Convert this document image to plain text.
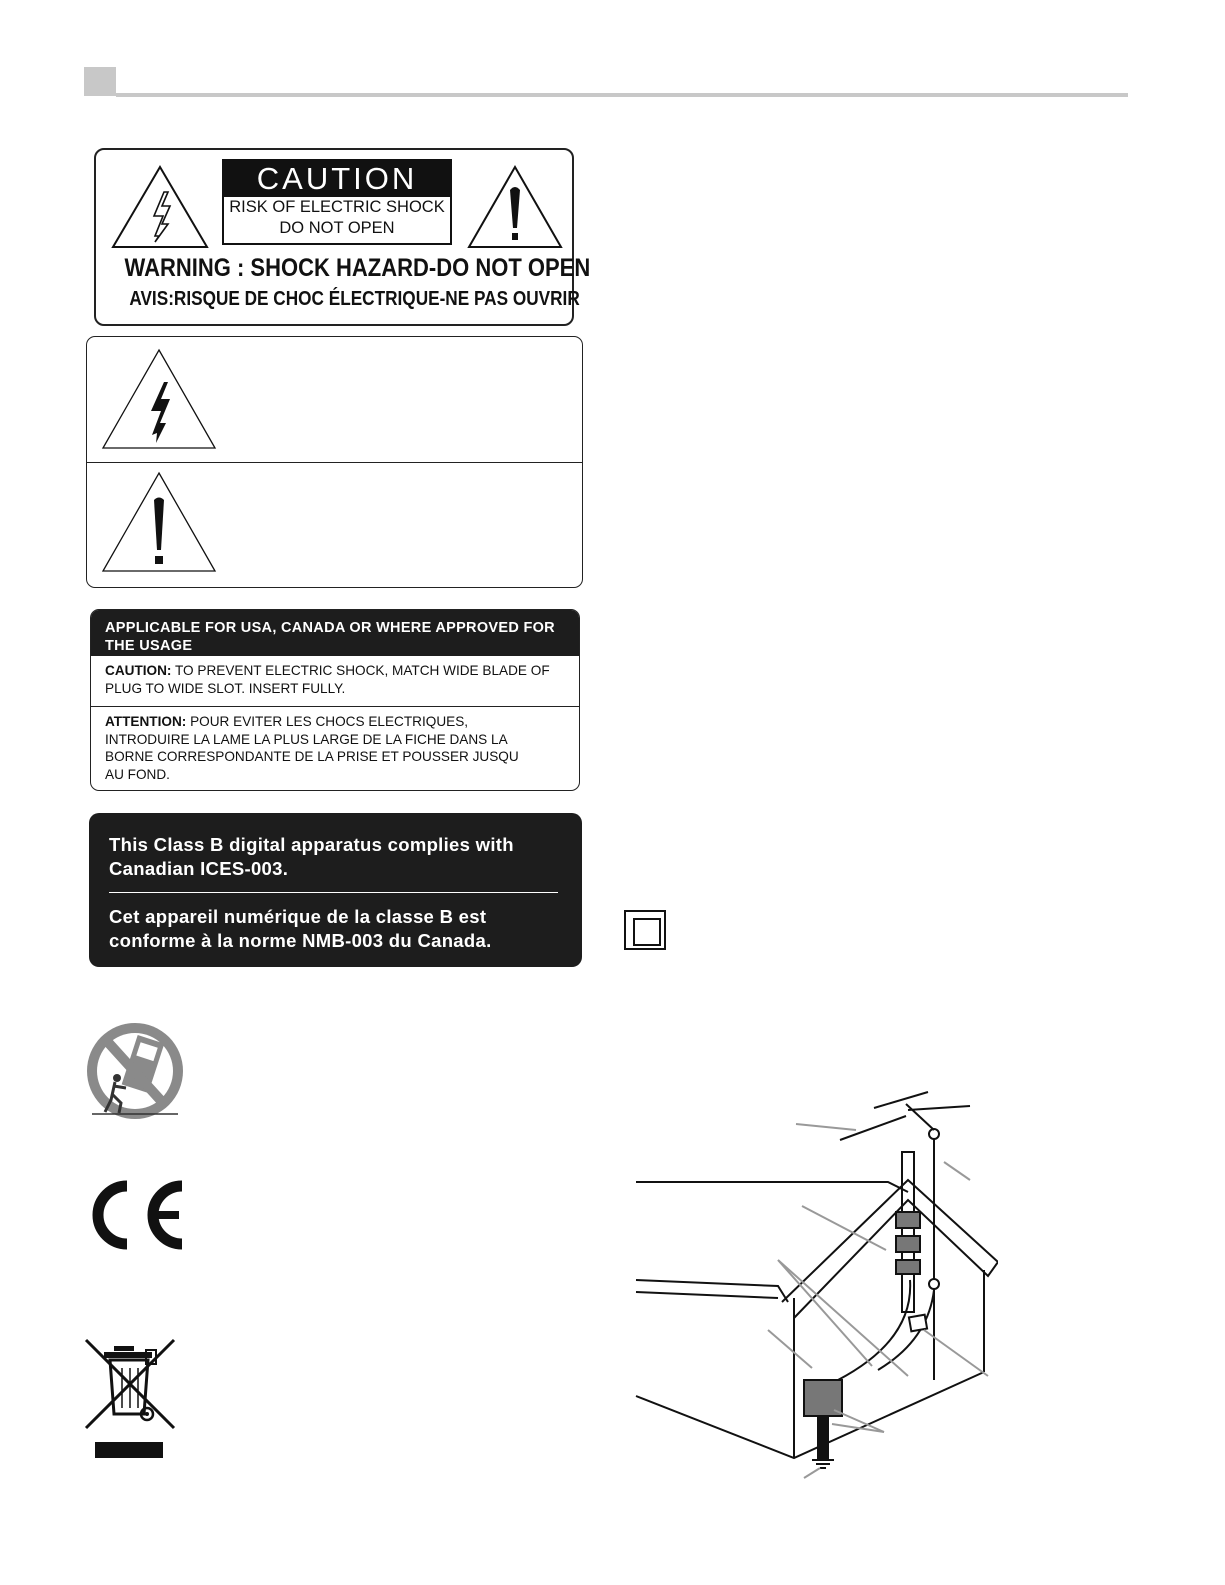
CAUTION
RISK OF ELECTRIC SHOCK
DO NOT OPEN
WARNING : SHOCK HAZARD-DO NOT OPEN
AVIS:RISQUE DE CHOC ÉLECTRIQUE-NE PAS OUVRIR
APPLICABLE FOR USA, CANADA OR WHERE APPROVED FOR THE USAGE
CAUTION: TO PREVENT ELECTRIC SHOCK, MATCH WIDE BLADE OF PLUG TO WIDE SLOT. INSERT FULLY.
ATTENTION: POUR EVITER LES CHOCS ELECTRIQUES, INTRODUIRE LA LAME LA PLUS LARGE DE LA FICHE DANS LA BORNE CORRESPONDANTE DE LA PRISE ET POUSSER JUSQU AU FOND.
This Class B digital apparatus complies with Canadian ICES-003.
Cet appareil numérique de la classe B est conforme à la norme NMB-003 du Canada.
